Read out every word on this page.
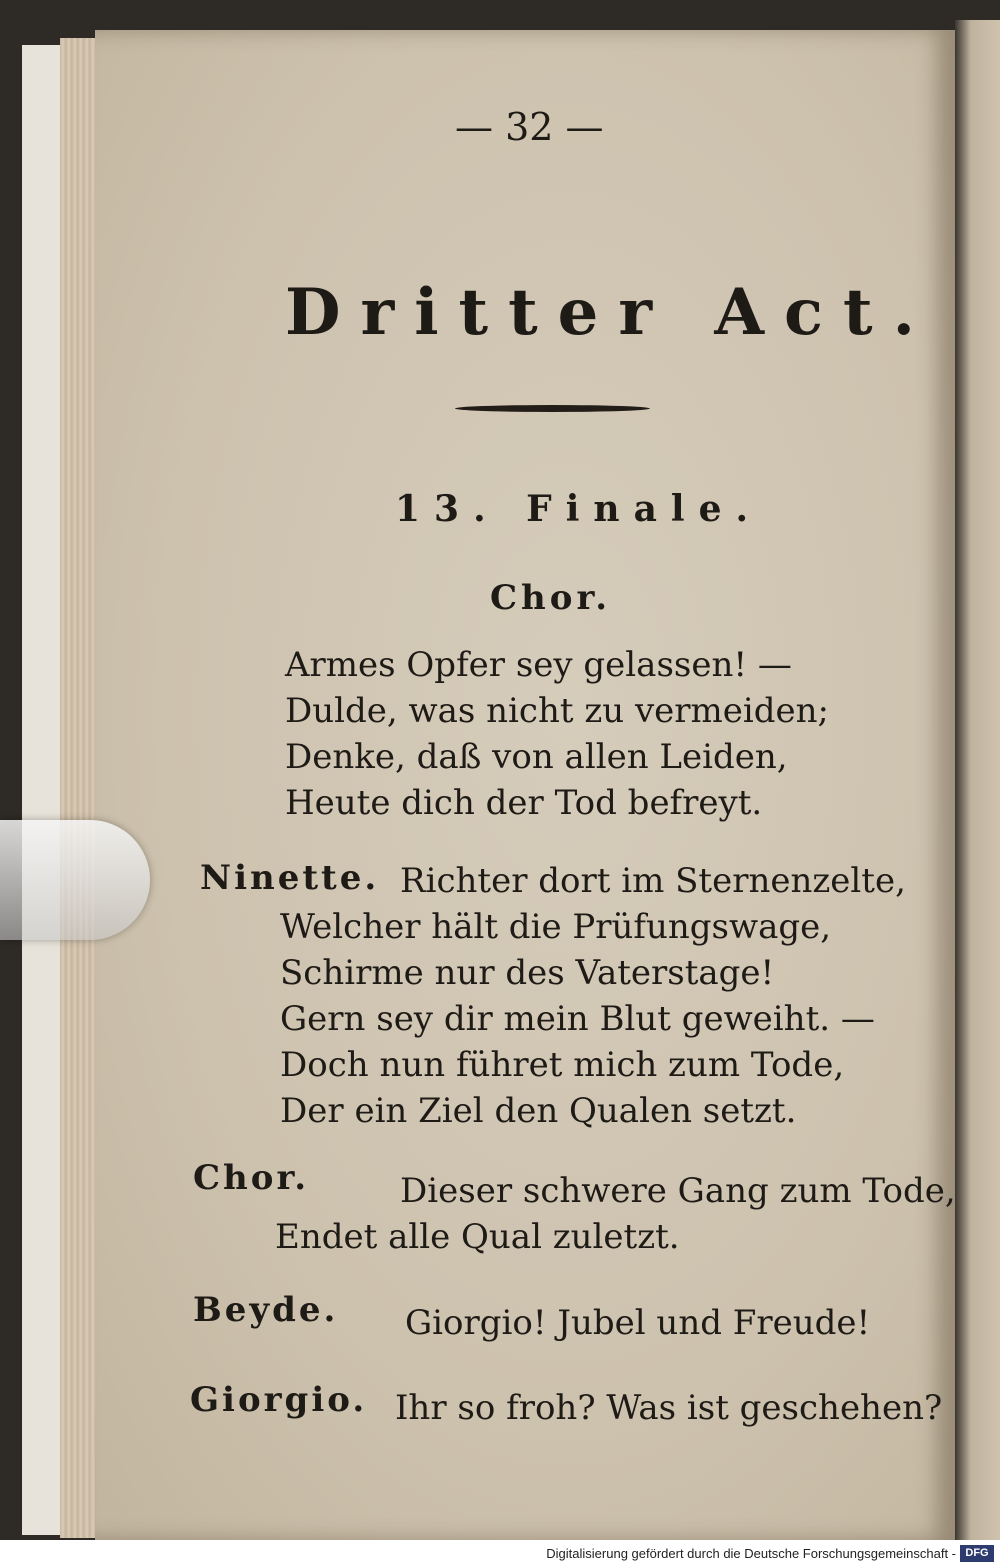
— 32 —
Dritter Act.
13. Finale.
Chor.
Armes Opfer sey gelassen! —
Dulde, was nicht zu vermeiden;
Denke, daß von allen Leiden,
Heute dich der Tod befreyt.
Ninette. Richter dort im Sternenzelte,
Welcher hält die Prüfungswage,
Schirme nur des Vaterstage!
Gern sey dir mein Blut geweiht. —
Doch nun führet mich zum Tode,
Der ein Ziel den Qualen setzt.
Chor.	Dieser schwere Gang zum Tode,
Endet alle Qual zuletzt.
Beyde. Giorgio! Jubel und Freude!
Giorgio. Ihr so froh? Was ist geschehen?
Digitalisierung gefördert durch die Deutsche Forschungsgemeinschaft - DFG
